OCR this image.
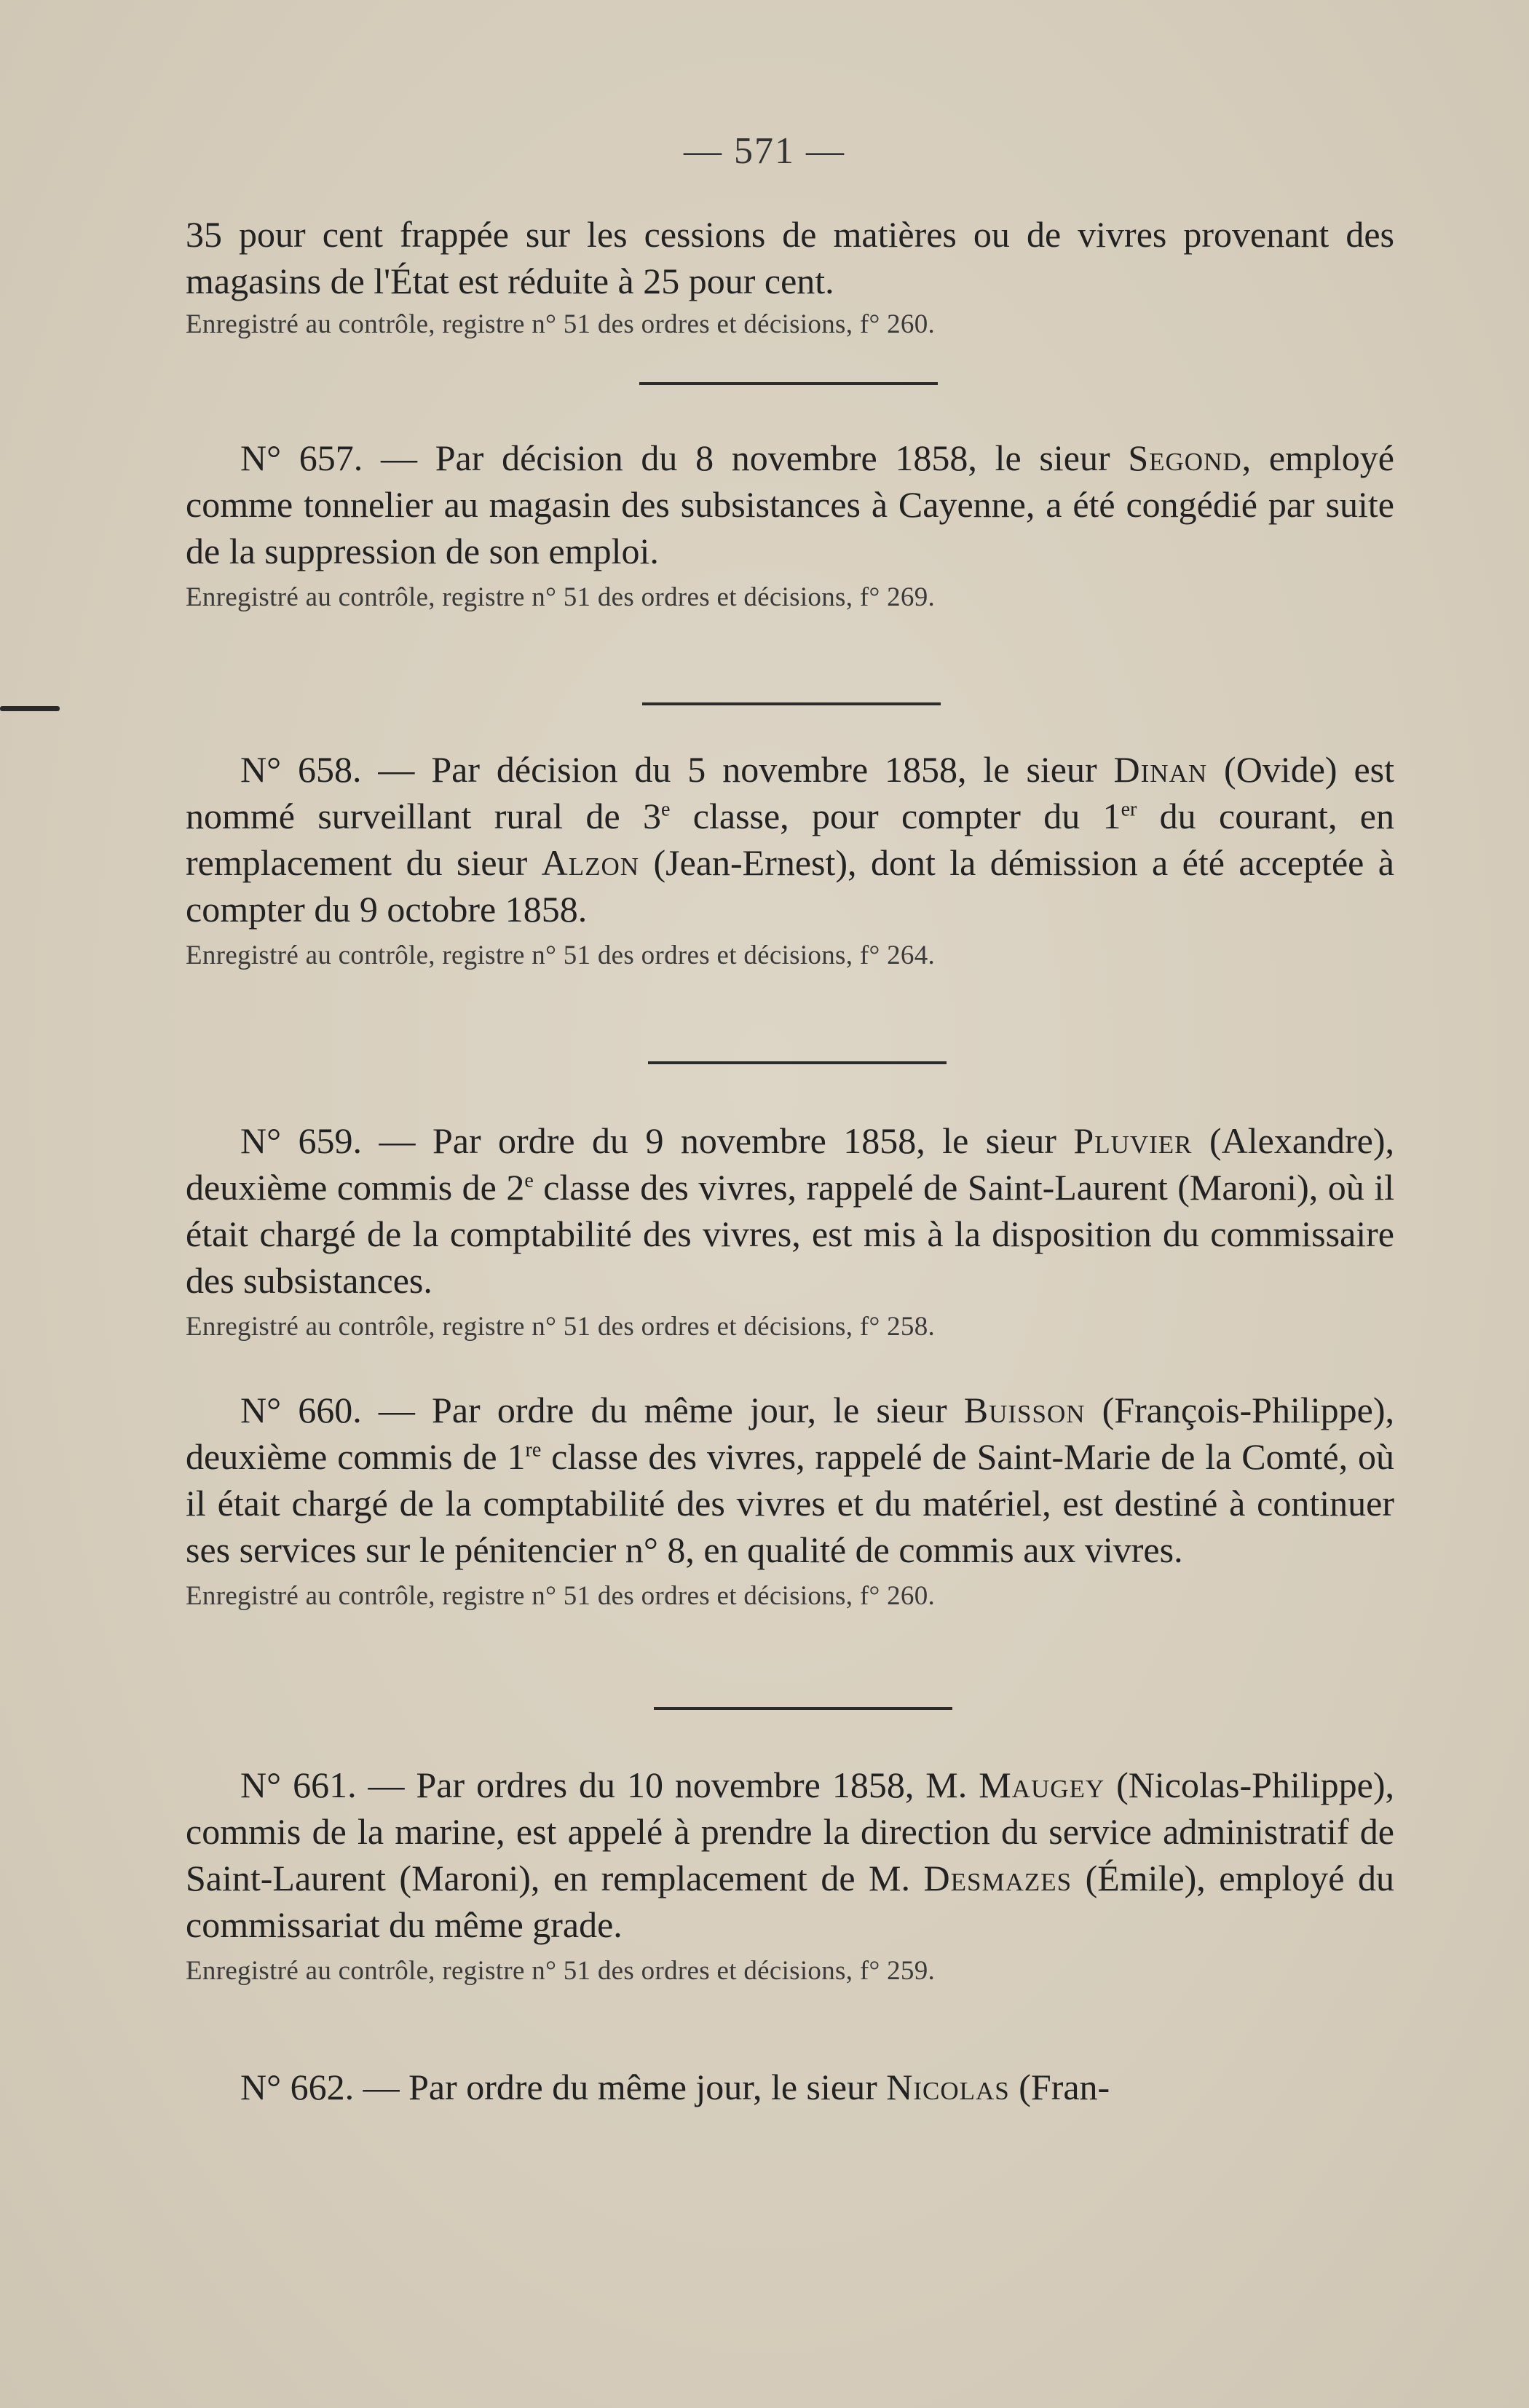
— 571 —

35 pour cent frappée sur les cessions de matières ou de vivres provenant des magasins de l'État est réduite à 25 pour cent.

Enregistré au contrôle, registre n° 51 des ordres et décisions, f° 260.

N° 657. — Par décision du 8 novembre 1858, le sieur Segond, employé comme tonnelier au magasin des subsistances à Cayenne, a été congédié par suite de la suppression de son emploi.

Enregistré au contrôle, registre n° 51 des ordres et décisions, f° 269.

N° 658. — Par décision du 5 novembre 1858, le sieur Dinan (Ovide) est nommé surveillant rural de 3e classe, pour compter du 1er du courant, en remplacement du sieur Alzon (Jean-Ernest), dont la démission a été acceptée à compter du 9 octobre 1858.

Enregistré au contrôle, registre n° 51 des ordres et décisions, f° 264.

N° 659. — Par ordre du 9 novembre 1858, le sieur Pluvier (Alexandre), deuxième commis de 2e classe des vivres, rappelé de Saint-Laurent (Maroni), où il était chargé de la comptabilité des vivres, est mis à la disposition du commissaire des subsistances.

Enregistré au contrôle, registre n° 51 des ordres et décisions, f° 258.

N° 660. — Par ordre du même jour, le sieur Buisson (François-Philippe), deuxième commis de 1re classe des vivres, rappelé de Saint-Marie de la Comté, où il était chargé de la comptabilité des vivres et du matériel, est destiné à continuer ses services sur le pénitencier n° 8, en qualité de commis aux vivres.

Enregistré au contrôle, registre n° 51 des ordres et décisions, f° 260.

N° 661. — Par ordres du 10 novembre 1858, M. Maugey (Nicolas-Philippe), commis de la marine, est appelé à prendre la direction du service administratif de Saint-Laurent (Maroni), en remplacement de M. Desmazes (Émile), employé du commissariat du même grade.

Enregistré au contrôle, registre n° 51 des ordres et décisions, f° 259.

N° 662. — Par ordre du même jour, le sieur Nicolas (Fran-
